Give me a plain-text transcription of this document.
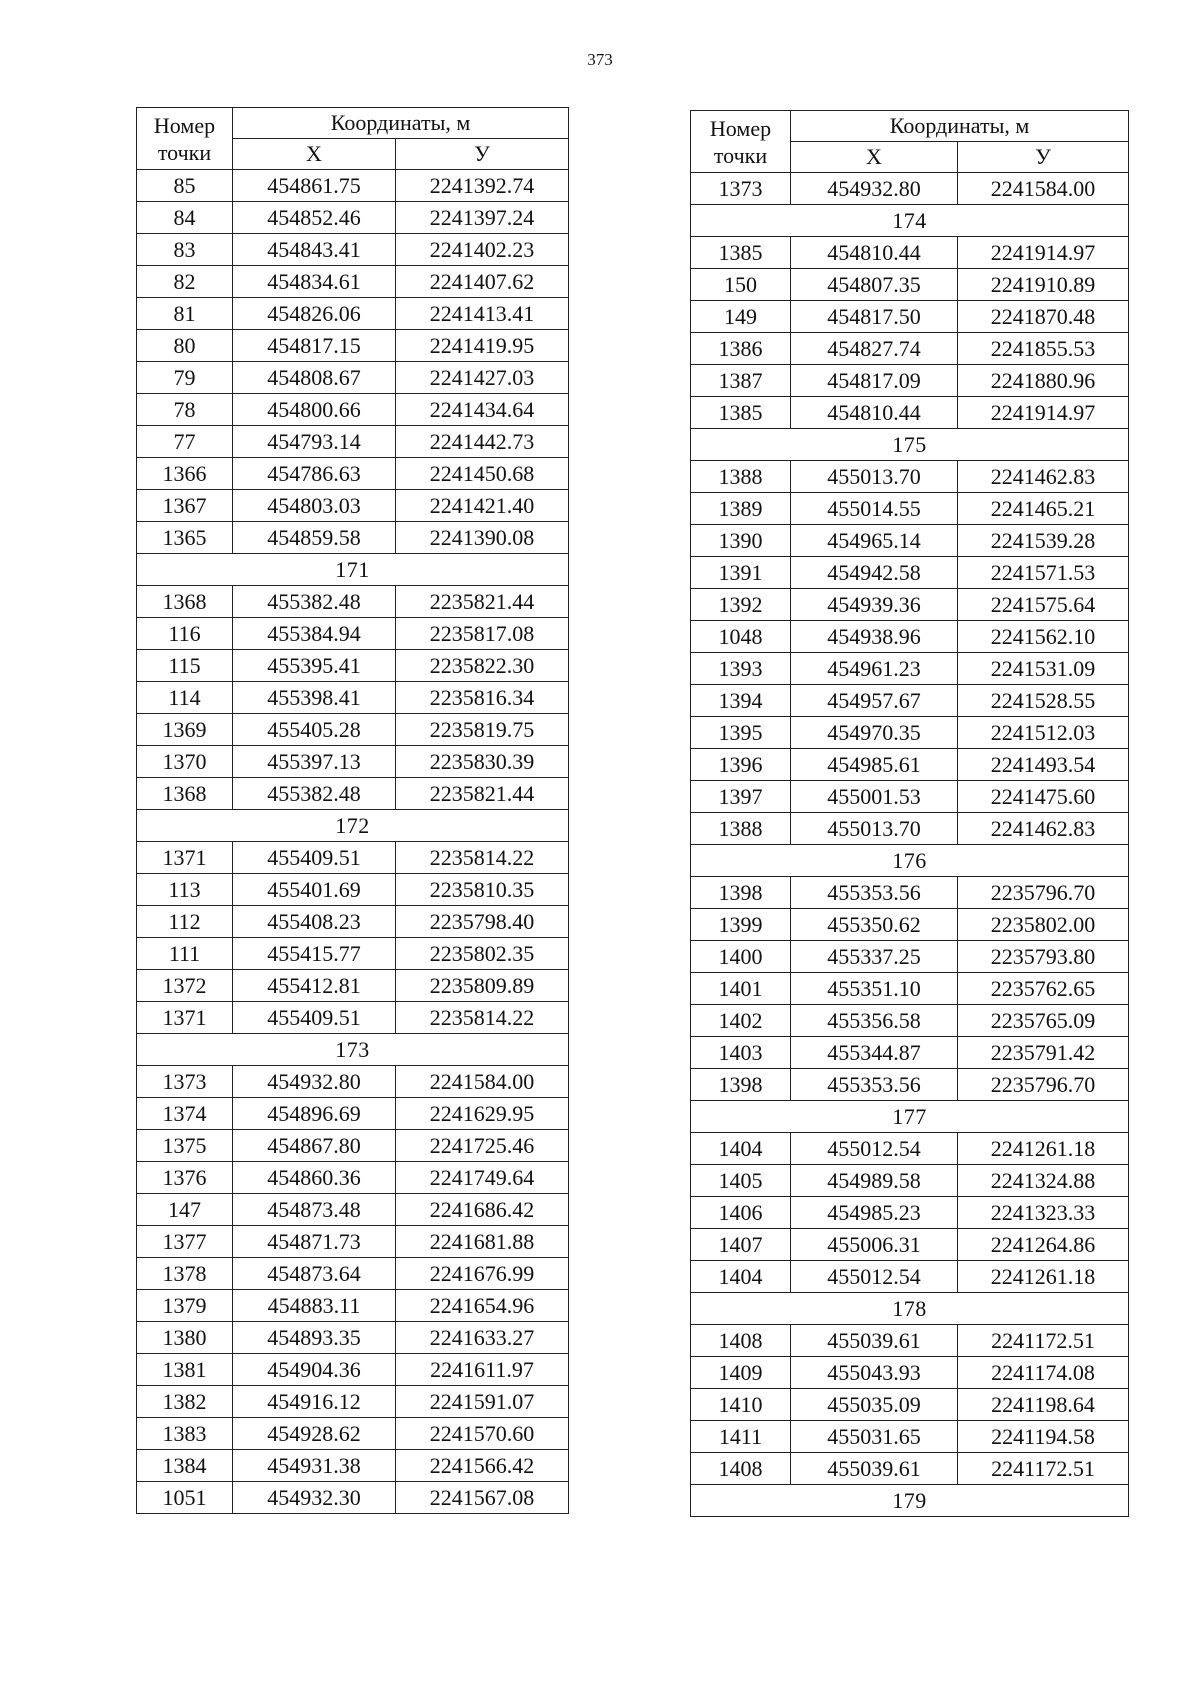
373
Номер
точки	Координаты, м	
	X	У
85	454861.75	2241392.74
84	454852.46	2241397.24
83	454843.41	2241402.23
82	454834.61	2241407.62
81	454826.06	2241413.41
80	454817.15	2241419.95
79	454808.67	2241427.03
78	454800.66	2241434.64
77	454793.14	2241442.73
1366	454786.63	2241450.68
1367	454803.03	2241421.40
1365	454859.58	2241390.08
171		
1368	455382.48	2235821.44
116	455384.94	2235817.08
115	455395.41	2235822.30
114	455398.41	2235816.34
1369	455405.28	2235819.75
1370	455397.13	2235830.39
1368	455382.48	2235821.44
172		
1371	455409.51	2235814.22
113	455401.69	2235810.35
112	455408.23	2235798.40
111	455415.77	2235802.35
1372	455412.81	2235809.89
1371	455409.51	2235814.22
173		
1373	454932.80	2241584.00
1374	454896.69	2241629.95
1375	454867.80	2241725.46
1376	454860.36	2241749.64
147	454873.48	2241686.42
1377	454871.73	2241681.88
1378	454873.64	2241676.99
1379	454883.11	2241654.96
1380	454893.35	2241633.27
1381	454904.36	2241611.97
1382	454916.12	2241591.07
1383	454928.62	2241570.60
1384	454931.38	2241566.42
1051	454932.30	2241567.08
Номер
точки	Координаты, м	
	X	У
1373	454932.80	2241584.00
174		
1385	454810.44	2241914.97
150	454807.35	2241910.89
149	454817.50	2241870.48
1386	454827.74	2241855.53
1387	454817.09	2241880.96
1385	454810.44	2241914.97
175		
1388	455013.70	2241462.83
1389	455014.55	2241465.21
1390	454965.14	2241539.28
1391	454942.58	2241571.53
1392	454939.36	2241575.64
1048	454938.96	2241562.10
1393	454961.23	2241531.09
1394	454957.67	2241528.55
1395	454970.35	2241512.03
1396	454985.61	2241493.54
1397	455001.53	2241475.60
1388	455013.70	2241462.83
176		
1398	455353.56	2235796.70
1399	455350.62	2235802.00
1400	455337.25	2235793.80
1401	455351.10	2235762.65
1402	455356.58	2235765.09
1403	455344.87	2235791.42
1398	455353.56	2235796.70
177		
1404	455012.54	2241261.18
1405	454989.58	2241324.88
1406	454985.23	2241323.33
1407	455006.31	2241264.86
1404	455012.54	2241261.18
178		
1408	455039.61	2241172.51
1409	455043.93	2241174.08
1410	455035.09	2241198.64
1411	455031.65	2241194.58
1408	455039.61	2241172.51
179		
